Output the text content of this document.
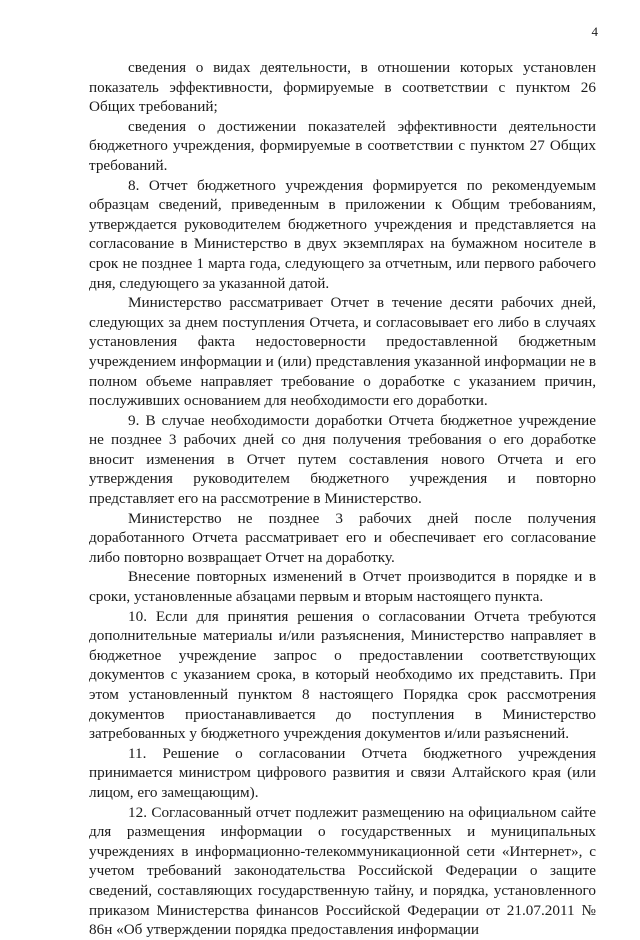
4

сведения о видах деятельности, в отношении которых установлен показатель эффективности, формируемые в соответствии с пунктом 26 Общих требований;

сведения о достижении показателей эффективности деятельности бюджетного учреждения, формируемые в соответствии с пунктом 27 Общих требований.

8. Отчет бюджетного учреждения формируется по рекомендуемым образцам сведений, приведенным в приложении к Общим требованиям, утверждается руководителем бюджетного учреждения и представляется на согласование в Министерство в двух экземплярах на бумажном носителе в срок не позднее 1 марта года, следующего за отчетным, или первого рабочего дня, следующего за указанной датой.

Министерство рассматривает Отчет в течение десяти рабочих дней, следующих за днем поступления Отчета, и согласовывает его либо в случаях установления факта недостоверности предоставленной бюджетным учреждением информации и (или) представления указанной информации не в полном объеме направляет требование о доработке с указанием причин, послуживших основанием для необходимости его доработки.

9. В случае необходимости доработки Отчета бюджетное учреждение не позднее 3 рабочих дней со дня получения требования о его доработке вносит изменения в Отчет путем составления нового Отчета и его утверждения руководителем бюджетного учреждения и повторно представляет его на рассмотрение в Министерство.

Министерство не позднее 3 рабочих дней после получения доработанного Отчета рассматривает его и обеспечивает его согласование либо повторно возвращает Отчет на доработку.

Внесение повторных изменений в Отчет производится в порядке и в сроки, установленные абзацами первым и вторым настоящего пункта.

10. Если для принятия решения о согласовании Отчета требуются дополнительные материалы и/или разъяснения, Министерство направляет в бюджетное учреждение запрос о предоставлении соответствующих документов с указанием срока, в который необходимо их представить. При этом установленный пунктом 8 настоящего Порядка срок рассмотрения документов приостанавливается до поступления в Министерство затребованных у бюджетного учреждения документов и/или разъяснений.

11. Решение о согласовании Отчета бюджетного учреждения принимается министром цифрового развития и связи Алтайского края (или лицом, его замещающим).

12. Согласованный отчет подлежит размещению на официальном сайте для размещения информации о государственных и муниципальных учреждениях в информационно-телекоммуникационной сети «Интернет», с учетом требований законодательства Российской Федерации о защите сведений, составляющих государственную тайну, и порядка, установленного приказом Министерства финансов Российской Федерации от 21.07.2011 № 86н «Об утверждении порядка предоставления информации
